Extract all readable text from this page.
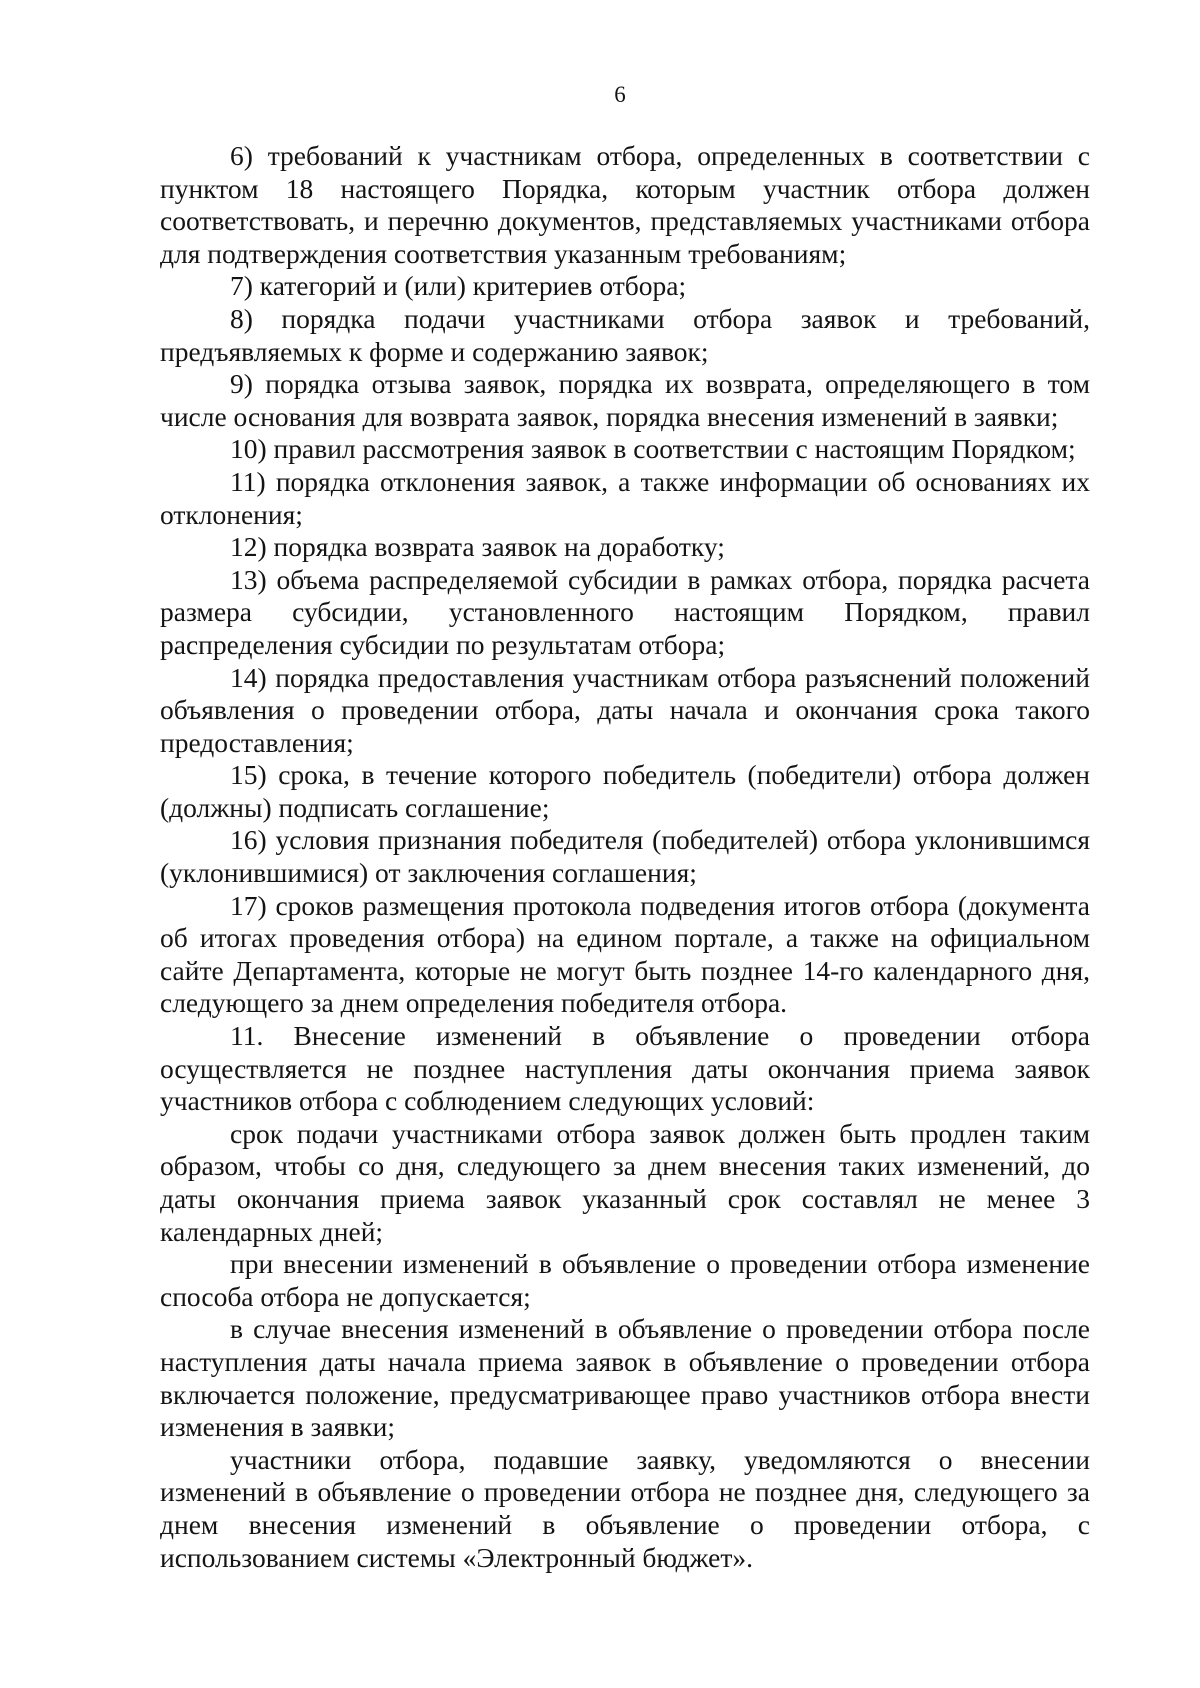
6

6) требований к участникам отбора, определенных в соответствии с пунктом 18 настоящего Порядка, которым участник отбора должен соответствовать, и перечню документов, представляемых участниками отбора для подтверждения соответствия указанным требованиям;

7) категорий и (или) критериев отбора;

8) порядка подачи участниками отбора заявок и требований, предъявляемых к форме и содержанию заявок;

9) порядка отзыва заявок, порядка их возврата, определяющего в том числе основания для возврата заявок, порядка внесения изменений в заявки;

10) правил рассмотрения заявок в соответствии с настоящим Порядком;

11) порядка отклонения заявок, а также информации об основаниях их отклонения;

12) порядка возврата заявок на доработку;

13) объема распределяемой субсидии в рамках отбора, порядка расчета размера субсидии, установленного настоящим Порядком, правил распределения субсидии по результатам отбора;

14) порядка предоставления участникам отбора разъяснений положений объявления о проведении отбора, даты начала и окончания срока такого предоставления;

15) срока, в течение которого победитель (победители) отбора должен (должны) подписать соглашение;

16) условия признания победителя (победителей) отбора уклонившимся (уклонившимися) от заключения соглашения;

17) сроков размещения протокола подведения итогов отбора (документа об итогах проведения отбора) на едином портале, а также на официальном сайте Департамента, которые не могут быть позднее 14-го календарного дня, следующего за днем определения победителя отбора.

11. Внесение изменений в объявление о проведении отбора осуществляется не позднее наступления даты окончания приема заявок участников отбора с соблюдением следующих условий:

срок подачи участниками отбора заявок должен быть продлен таким образом, чтобы со дня, следующего за днем внесения таких изменений, до даты окончания приема заявок указанный срок составлял не менее 3 календарных дней;

при внесении изменений в объявление о проведении отбора изменение способа отбора не допускается;

в случае внесения изменений в объявление о проведении отбора после наступления даты начала приема заявок в объявление о проведении отбора включается положение, предусматривающее право участников отбора внести изменения в заявки;

участники отбора, подавшие заявку, уведомляются о внесении изменений в объявление о проведении отбора не позднее дня, следующего за днем внесения изменений в объявление о проведении отбора, с использованием системы «Электронный бюджет».
